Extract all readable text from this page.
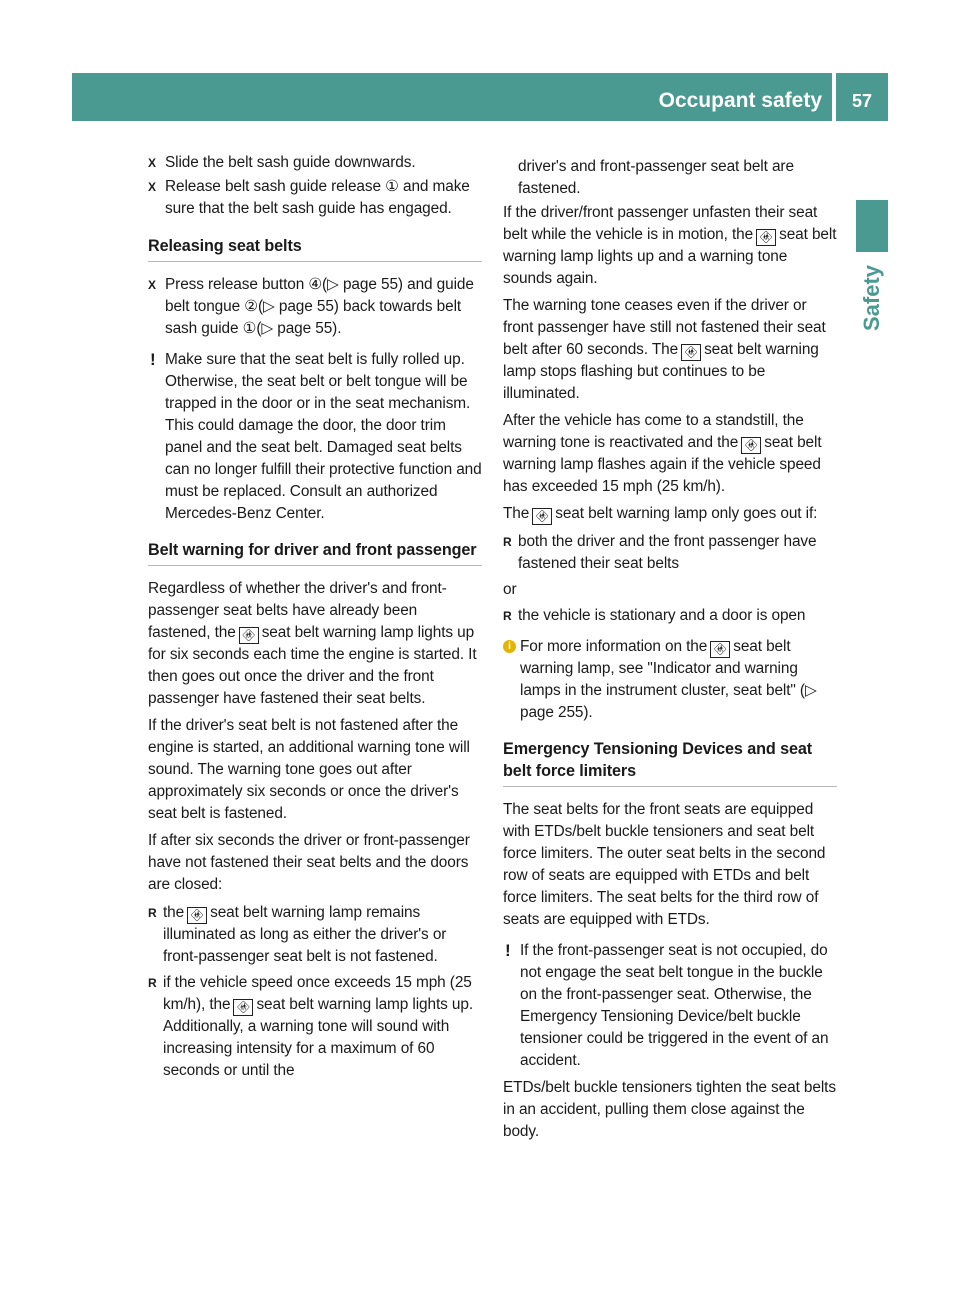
Occupant safety	57
Safety
X Slide the belt sash guide downwards.
X Release belt sash guide release ① and make sure that the belt sash guide has engaged.
Releasing seat belts
X Press release button ④(▷ page 55) and guide belt tongue ②(▷ page 55) back towards belt sash guide ①(▷ page 55).
! Make sure that the seat belt is fully rolled up. Otherwise, the seat belt or belt tongue will be trapped in the door or in the seat mechanism. This could damage the door, the door trim panel and the seat belt. Damaged seat belts can no longer fulfill their protective function and must be replaced. Consult an authorized Mercedes-Benz Center.
Belt warning for driver and front passenger
Regardless of whether the driver's and front-passenger seat belts have already been fastened, the 🚸︎ seat belt warning lamp lights up for six seconds each time the engine is started. It then goes out once the driver and the front passenger have fastened their seat belts.
If the driver's seat belt is not fastened after the engine is started, an additional warning tone will sound. The warning tone goes out after approximately six seconds or once the driver's seat belt is fastened.
If after six seconds the driver or front-passenger have not fastened their seat belts and the doors are closed:
R the 🚸︎ seat belt warning lamp remains illuminated as long as either the driver's or front-passenger seat belt is not fastened.
R if the vehicle speed once exceeds 15 mph (25 km/h), the 🚸︎ seat belt warning lamp lights up. Additionally, a warning tone will sound with increasing intensity for a maximum of 60 seconds or until the
driver's and front-passenger seat belt are fastened.
If the driver/front passenger unfasten their seat belt while the vehicle is in motion, the 🚸︎ seat belt warning lamp lights up and a warning tone sounds again.
The warning tone ceases even if the driver or front passenger have still not fastened their seat belt after 60 seconds. The 🚸︎ seat belt warning lamp stops flashing but continues to be illuminated.
After the vehicle has come to a standstill, the warning tone is reactivated and the 🚸︎ seat belt warning lamp flashes again if the vehicle speed has exceeded 15 mph (25 km/h).
The 🚸︎ seat belt warning lamp only goes out if:
R both the driver and the front passenger have fastened their seat belts
or
R the vehicle is stationary and a door is open
i For more information on the 🚸︎ seat belt warning lamp, see "Indicator and warning lamps in the instrument cluster, seat belt" (▷ page 255).
Emergency Tensioning Devices and seat belt force limiters
The seat belts for the front seats are equipped with ETDs/belt buckle tensioners and seat belt force limiters. The outer seat belts in the second row of seats are equipped with ETDs and belt force limiters. The seat belts for the third row of seats are equipped with ETDs.
! If the front-passenger seat is not occupied, do not engage the seat belt tongue in the buckle on the front-passenger seat. Otherwise, the Emergency Tensioning Device/belt buckle tensioner could be triggered in the event of an accident.
ETDs/belt buckle tensioners tighten the seat belts in an accident, pulling them close against the body.
